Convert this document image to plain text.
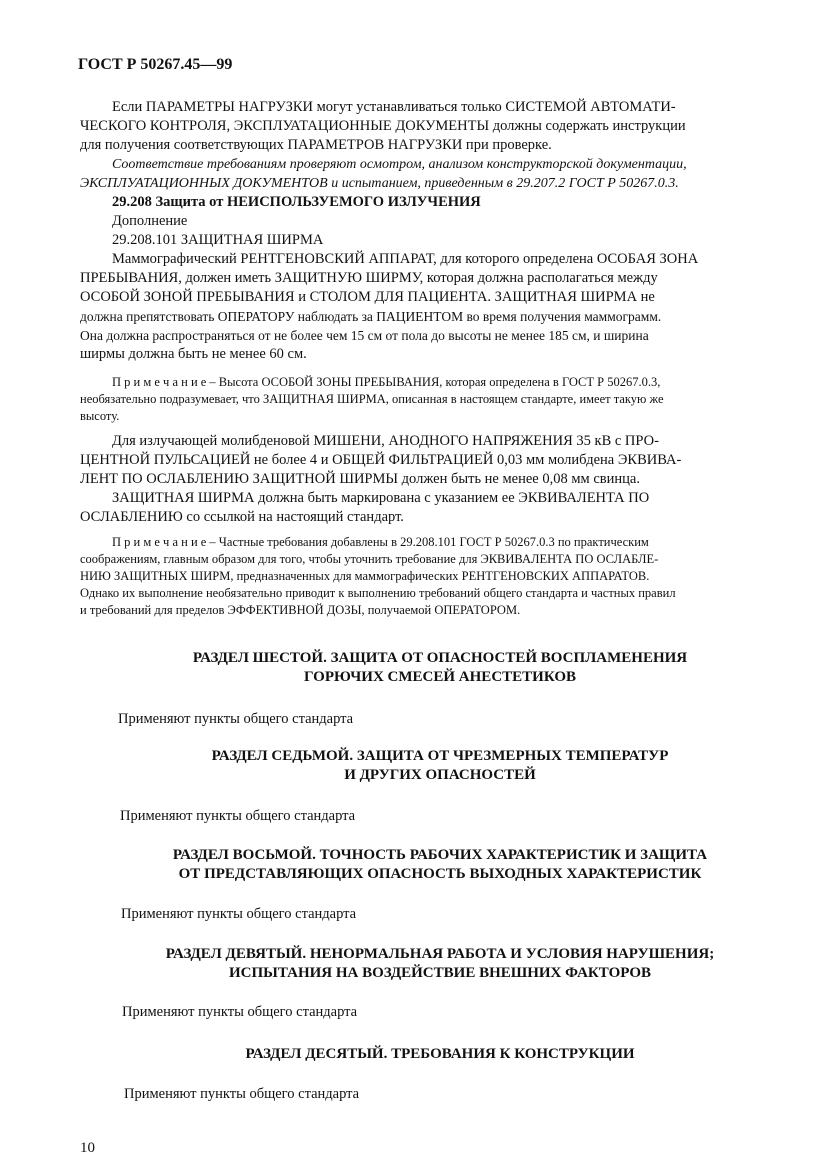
ГОСТ Р 50267.45—99
Если ПАРАМЕТРЫ НАГРУЗКИ могут устанавливаться только СИСТЕМОЙ АВТОМАТИ-
ЧЕСКОГО КОНТРОЛЯ, ЭКСПЛУАТАЦИОННЫЕ ДОКУМЕНТЫ должны содержать инструкции
для получения соответствующих ПАРАМЕТРОВ НАГРУЗКИ при проверке.
Соответствие требованиям проверяют осмотром, анализом конструкторской документации,
ЭКСПЛУАТАЦИОННЫХ ДОКУМЕНТОВ и испытанием, приведенным в 29.207.2 ГОСТ Р 50267.0.3.
29.208 Защита от НЕИСПОЛЬЗУЕМОГО ИЗЛУЧЕНИЯ
Дополнение
29.208.101 ЗАЩИТНАЯ ШИРМА
Маммографический РЕНТГЕНОВСКИЙ АППАРАТ, для которого определена ОСОБАЯ ЗОНА
ПРЕБЫВАНИЯ, должен иметь ЗАЩИТНУЮ ШИРМУ, которая должна располагаться между
ОСОБОЙ ЗОНОЙ ПРЕБЫВАНИЯ и СТОЛОМ ДЛЯ ПАЦИЕНТА. ЗАЩИТНАЯ ШИРМА не
должна препятствовать ОПЕРАТОРУ наблюдать за ПАЦИЕНТОМ во время получения маммограмм.
Она должна распространяться от не более чем 15 см от пола до высоты не менее 185 см, и ширина
ширмы должна быть не менее 60 см.
П р и м е ч а н и е – Высота ОСОБОЙ ЗОНЫ ПРЕБЫВАНИЯ, которая определена в ГОСТ Р 50267.0.3,
необязательно подразумевает, что ЗАЩИТНАЯ ШИРМА, описанная в настоящем стандарте, имеет такую же
высоту.
Для излучающей молибденовой МИШЕНИ, АНОДНОГО НАПРЯЖЕНИЯ 35 кВ с ПРО-
ЦЕНТНОЙ ПУЛЬСАЦИЕЙ не более 4 и ОБЩЕЙ ФИЛЬТРАЦИЕЙ 0,03 мм молибдена ЭКВИВА-
ЛЕНТ ПО ОСЛАБЛЕНИЮ ЗАЩИТНОЙ ШИРМЫ должен быть не менее 0,08 мм свинца.
ЗАЩИТНАЯ ШИРМА должна быть маркирована с указанием ее ЭКВИВАЛЕНТА ПО
ОСЛАБЛЕНИЮ со ссылкой на настоящий стандарт.
П р и м е ч а н и е – Частные требования добавлены в 29.208.101 ГОСТ Р 50267.0.3 по практическим
соображениям, главным образом для того, чтобы уточнить требование для ЭКВИВАЛЕНТА ПО ОСЛАБЛЕ-
НИЮ ЗАЩИТНЫХ ШИРМ, предназначенных для маммографических РЕНТГЕНОВСКИХ АППАРАТОВ.
Однако их выполнение необязательно приводит к выполнению требований общего стандарта и частных правил
и требований для пределов ЭФФЕКТИВНОЙ ДОЗЫ, получаемой ОПЕРАТОРОМ.
РАЗДЕЛ ШЕСТОЙ. ЗАЩИТА ОТ ОПАСНОСТЕЙ ВОСПЛАМЕНЕНИЯ
ГОРЮЧИХ СМЕСЕЙ АНЕСТЕТИКОВ
Применяют пункты общего стандарта
РАЗДЕЛ СЕДЬМОЙ. ЗАЩИТА ОТ ЧРЕЗМЕРНЫХ ТЕМПЕРАТУР
И ДРУГИХ ОПАСНОСТЕЙ
Применяют пункты общего стандарта
РАЗДЕЛ ВОСЬМОЙ. ТОЧНОСТЬ РАБОЧИХ ХАРАКТЕРИСТИК И ЗАЩИТА
ОТ ПРЕДСТАВЛЯЮЩИХ ОПАСНОСТЬ ВЫХОДНЫХ ХАРАКТЕРИСТИК
Применяют пункты общего стандарта
РАЗДЕЛ ДЕВЯТЫЙ. НЕНОРМАЛЬНАЯ РАБОТА И УСЛОВИЯ НАРУШЕНИЯ;
ИСПЫТАНИЯ НА ВОЗДЕЙСТВИЕ ВНЕШНИХ ФАКТОРОВ
Применяют пункты общего стандарта
РАЗДЕЛ ДЕСЯТЫЙ. ТРЕБОВАНИЯ К КОНСТРУКЦИИ
Применяют пункты общего стандарта
10
